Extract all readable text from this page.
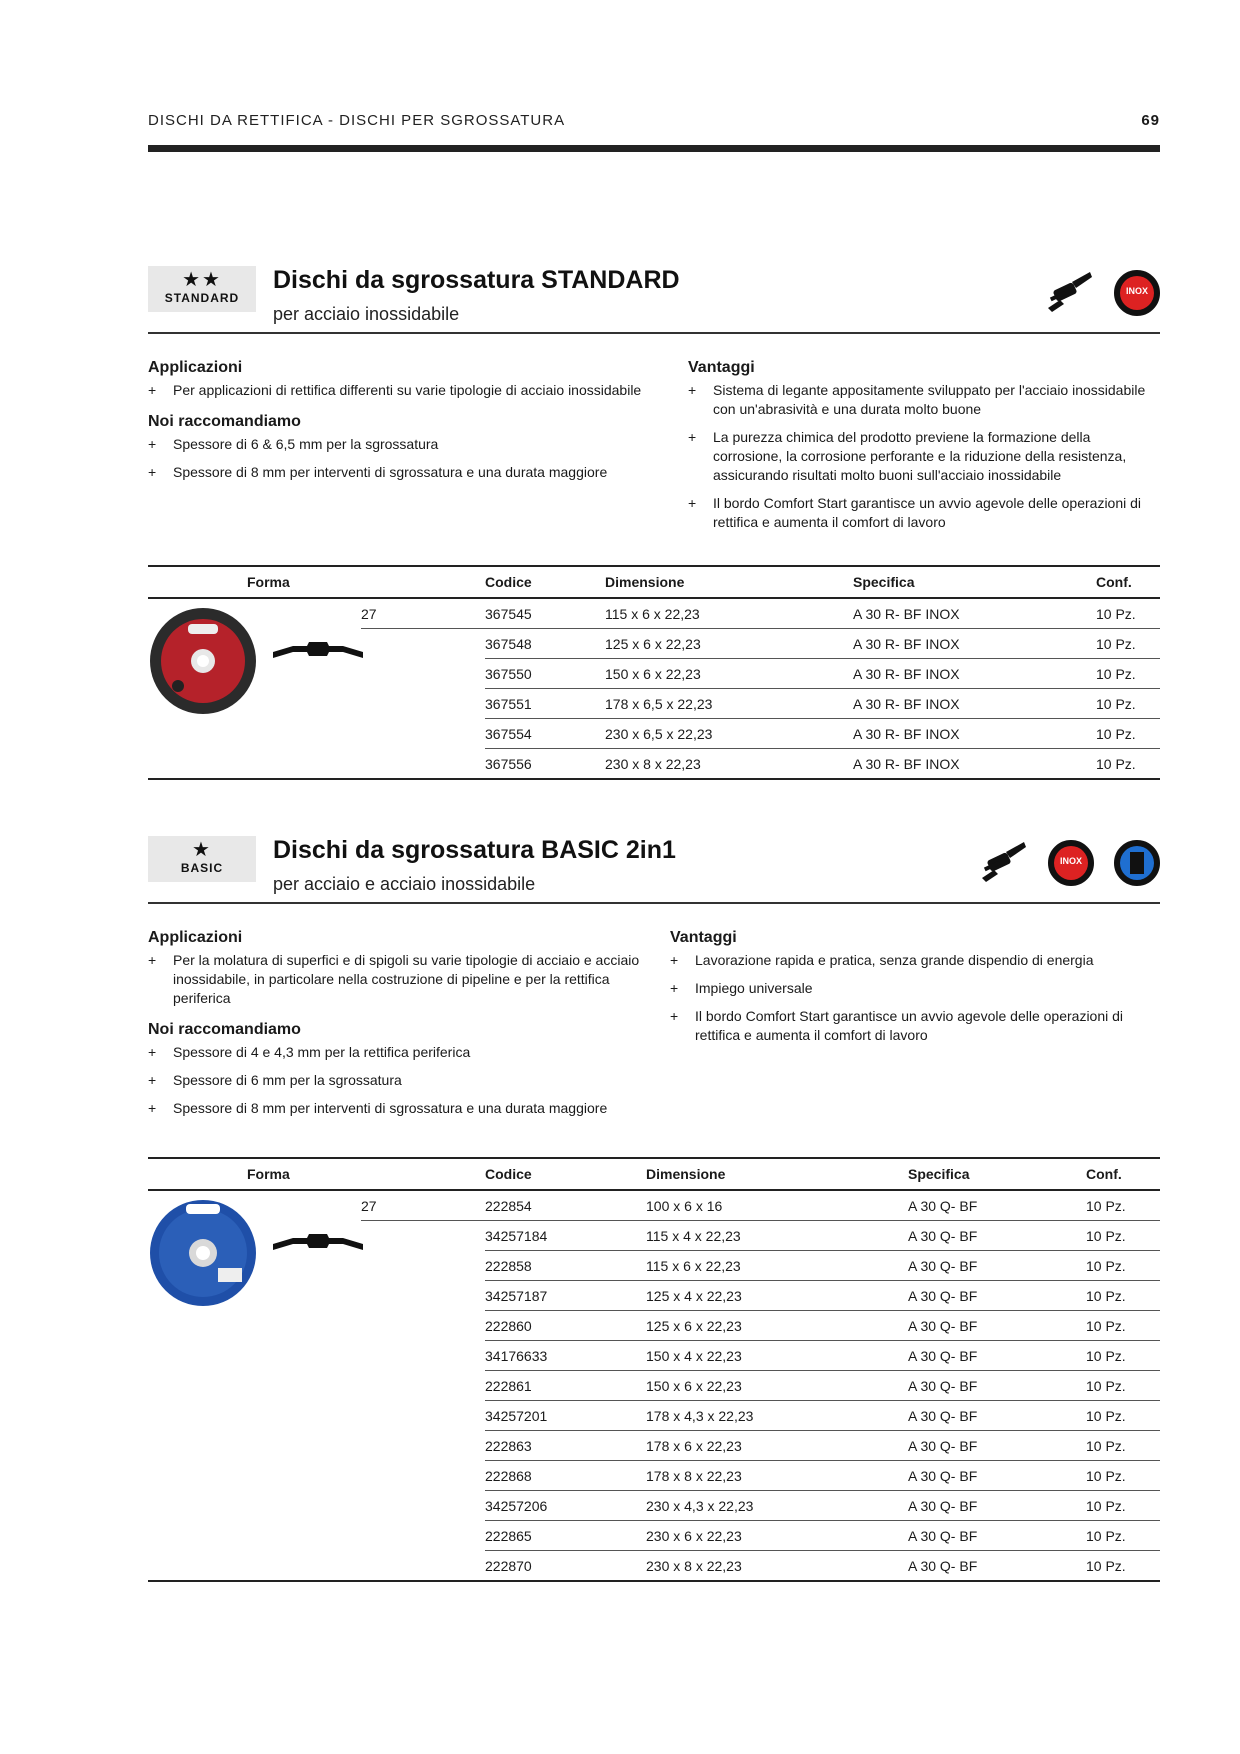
DISCHI DA RETTIFICA - DISCHI PER SGROSSATURA	69
★★
STANDARD
Dischi da sgrossatura STANDARD
per acciaio inossidabile
INOX
Applicazioni
+ Per applicazioni di rettifica differenti su varie tipologie di acciaio inossidabile
Noi raccomandiamo
+ Spessore di 6 & 6,5 mm per la sgrossatura
+ Spessore di 8 mm per interventi di sgrossatura e una durata maggiore
Vantaggi
+ Sistema di legante appositamente sviluppato per l'acciaio inossidabile con un'abrasività e una durata molto buone
+ La purezza chimica del prodotto previene la formazione della corrosione, la corrosione perforante e la riduzione della resistenza, assicurando risultati molto buoni sull'acciaio inossidabile
+ Il bordo Comfort Start garantisce un avvio agevole delle operazioni di rettifica e aumenta il comfort di lavoro
	Forma		Codice	Dimensione	Specifica	Conf.
		27	367545	115 x 6 x 22,23	A 30 R- BF INOX	10 Pz.
			367548	125 x 6 x 22,23	A 30 R- BF INOX	10 Pz.
			367550	150 x 6 x 22,23	A 30 R- BF INOX	10 Pz.
			367551	178 x 6,5 x 22,23	A 30 R- BF INOX	10 Pz.
			367554	230 x 6,5 x 22,23	A 30 R- BF INOX	10 Pz.
			367556	230 x 8 x 22,23	A 30 R- BF INOX	10 Pz.
★
BASIC
Dischi da sgrossatura BASIC 2in1
per acciaio e acciaio inossidabile
INOX
Applicazioni
+ Per la molatura di superfici e di spigoli su varie tipologie di acciaio e acciaio inossidabile, in particolare nella costruzione di pipeline e per la rettifica periferica
Noi raccomandiamo
+ Spessore di 4 e 4,3 mm per la rettifica periferica
+ Spessore di 6 mm per la sgrossatura
+ Spessore di 8 mm per interventi di sgrossatura e una durata maggiore
Vantaggi
+ Lavorazione rapida e pratica, senza grande dispendio di energia
+ Impiego universale
+ Il bordo Comfort Start garantisce un avvio agevole delle operazioni di rettifica e aumenta il comfort di lavoro
	Forma		Codice	Dimensione	Specifica	Conf.
		27	222854	100 x 6 x 16	A 30 Q- BF	10 Pz.
			34257184	115 x 4 x 22,23	A 30 Q- BF	10 Pz.
			222858	115 x 6 x 22,23	A 30 Q- BF	10 Pz.
			34257187	125 x 4 x 22,23	A 30 Q- BF	10 Pz.
			222860	125 x 6 x 22,23	A 30 Q- BF	10 Pz.
			34176633	150 x 4 x 22,23	A 30 Q- BF	10 Pz.
			222861	150 x 6 x 22,23	A 30 Q- BF	10 Pz.
			34257201	178 x 4,3 x 22,23	A 30 Q- BF	10 Pz.
			222863	178 x 6 x 22,23	A 30 Q- BF	10 Pz.
			222868	178 x 8 x 22,23	A 30 Q- BF	10 Pz.
			34257206	230 x 4,3 x 22,23	A 30 Q- BF	10 Pz.
			222865	230 x 6 x 22,23	A 30 Q- BF	10 Pz.
			222870	230 x 8 x 22,23	A 30 Q- BF	10 Pz.
